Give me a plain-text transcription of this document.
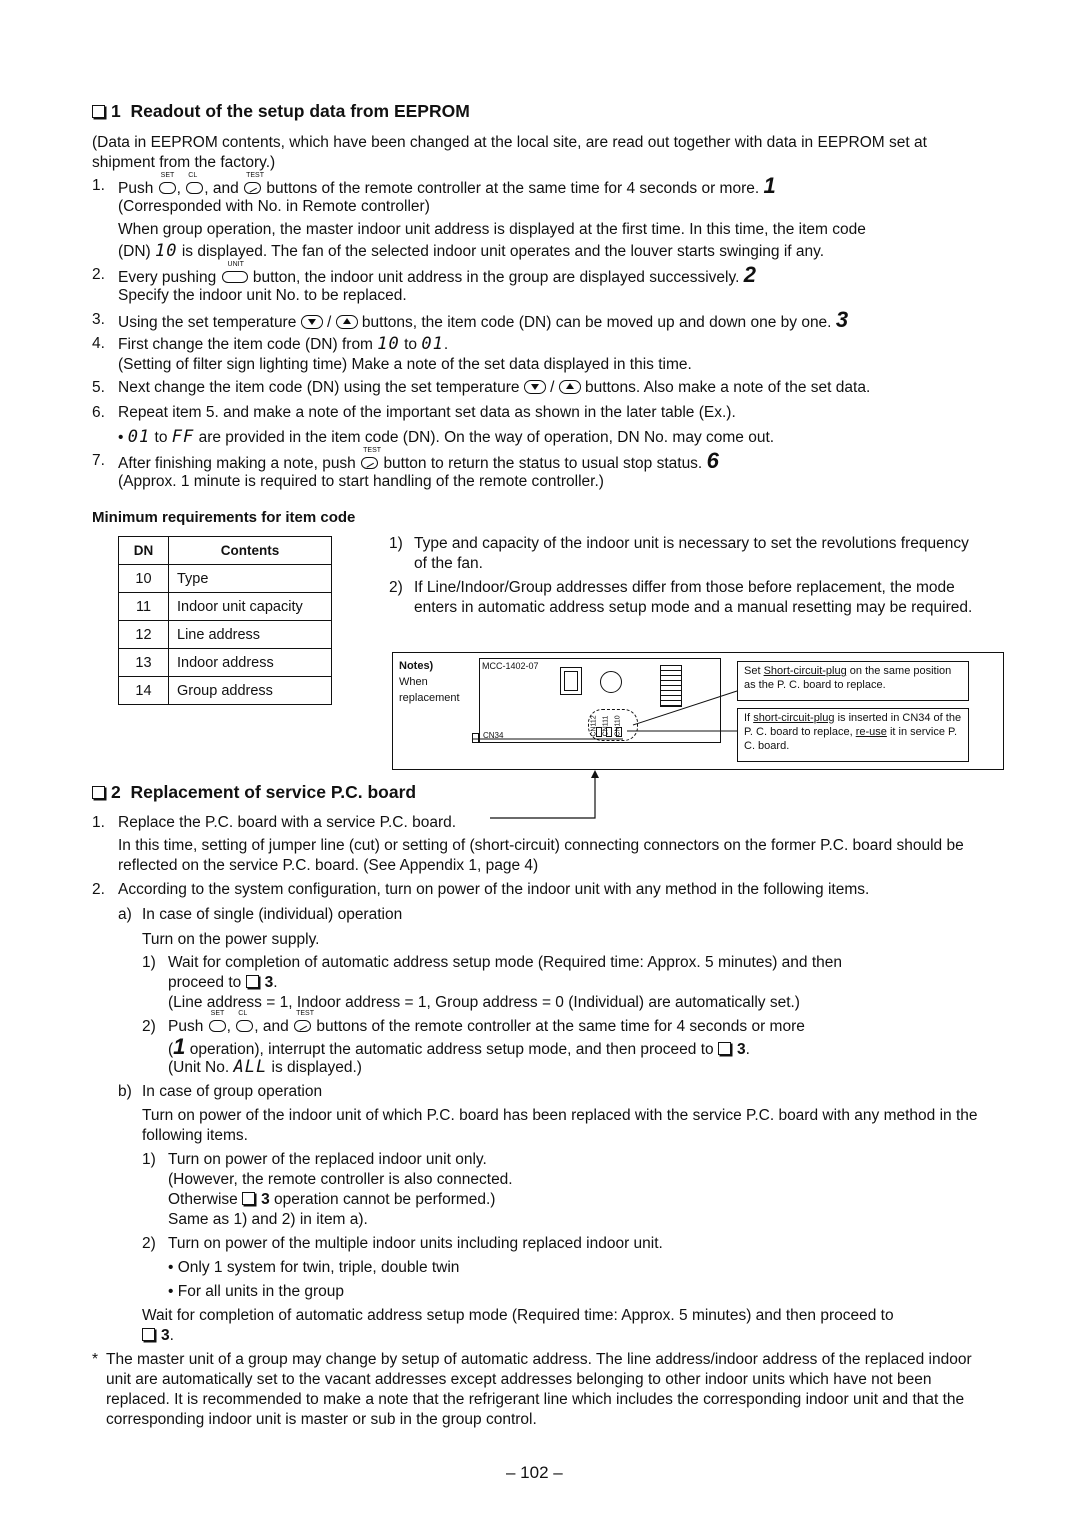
1 Readout of the setup data from EEPROM
(Data in EEPROM contents, which have been changed at the local site, are read out together with data in EEPROM set at shipment from the factory.)
1. Push
SET
,
CL
, and
TEST
buttons of the remote controller at the same time for 4 seconds or more. 1
(Corresponded with No. in Remote controller)
When group operation, the master indoor unit address is displayed at the first time. In this time, the item code
(DN) 10 is displayed. The fan of the selected indoor unit operates and the louver starts swinging if any.
2. Every pushing
UNIT
button, the indoor unit address in the group are displayed successively. 2
Specify the indoor unit No. to be replaced.
3. Using the set temperature  /  buttons, the item code (DN) can be moved up and down one by one. 3
4. First change the item code (DN) from 10 to 01.
(Setting of filter sign lighting time) Make a note of the set data displayed in this time.
5. Next change the item code (DN) using the set temperature  /  buttons. Also make a note of the set data.
6. Repeat item 5. and make a note of the important set data as shown in the later table (Ex.).
• 01 to FF are provided in the item code (DN). On the way of operation, DN No. may come out.
7. After finishing making a note, push
TEST
button to return the status to usual stop status. 6
(Approx. 1 minute is required to start handling of the remote controller.)
Minimum requirements for item code
DN	Contents
10	Type
11	Indoor unit capacity
12	Line address
13	Indoor address
14	Group address
1) Type and capacity of the indoor unit is necessary to set the revolutions frequency of the fan.
2) If Line/Indoor/Group addresses differ from those before replacement, the mode enters in automatic address setup mode and a manual resetting may be required.
Notes)
When
replacement
MCC-1402-07
CN34	CN112 CN111 CN110
Set Short-circuit-plug on the same position as the P. C. board to replace.
If short-circuit-plug is inserted in CN34 of the P. C. board to replace, re-use it in service P. C. board.
2 Replacement of service P.C. board
1. Replace the P.C. board with a service P.C. board.
In this time, setting of jumper line (cut) or setting of (short-circuit) connecting connectors on the former P.C. board should be reflected on the service P.C. board. (See Appendix 1, page 4)
2. According to the system configuration, turn on power of the indoor unit with any method in the following items.
a) In case of single (individual) operation
Turn on the power supply.
1) Wait for completion of automatic address setup mode (Required time: Approx. 5 minutes) and then
proceed to 3.
(Line address = 1, Indoor address = 1, Group address = 0 (Individual) are automatically set.)
2) Push
SET
,
CL
, and
TEST
buttons of the remote controller at the same time for 4 seconds or more
(1 operation), interrupt the automatic address setup mode, and then proceed to 3.
(Unit No. ALL is displayed.)
b) In case of group operation
Turn on power of the indoor unit of which P.C. board has been replaced with the service P.C. board with any method in the following items.
1) Turn on power of the replaced indoor unit only.
(However, the remote controller is also connected.
Otherwise 3 operation cannot be performed.)
Same as 1) and 2) in item a).
2) Turn on power of the multiple indoor units including replaced indoor unit.
• Only 1 system for twin, triple, double twin
• For all units in the group
Wait for completion of automatic address setup mode (Required time: Approx. 5 minutes) and then proceed to
3.
* The master unit of a group may change by setup of automatic address. The line address/indoor address of the replaced indoor unit are automatically set to the vacant addresses except addresses belonging to other indoor units which have not been replaced. It is recommended to make a note that the refrigerant line which includes the corresponding indoor unit and that the corresponding indoor unit is master or sub in the group control.
– 102 –
